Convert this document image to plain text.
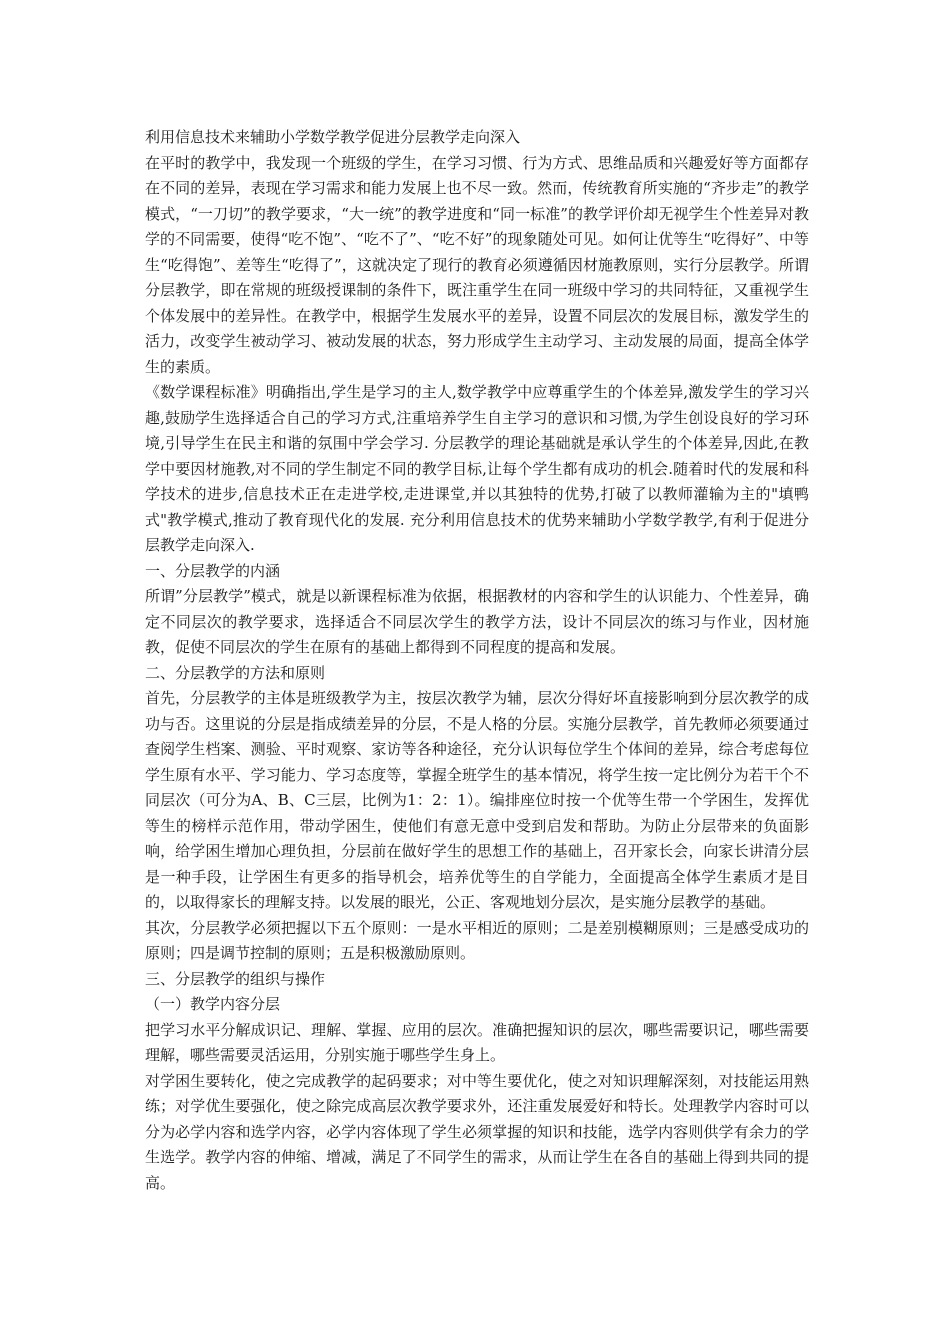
利用信息技术来辅助小学数学教学促进分层教学走向深入

在平时的教学中，我发现一个班级的学生，在学习习惯、行为方式、思维品质和兴趣爱好等方面都存在不同的差异，表现在学习需求和能力发展上也不尽一致。然而，传统教育所实施的“齐步走”的教学模式，“一刀切”的教学要求，“大一统”的教学进度和“同一标准”的教学评价却无视学生个性差异对教学的不同需要，使得“吃不饱”、“吃不了”、“吃不好”的现象随处可见。如何让优等生“吃得好”、中等生“吃得饱”、差等生“吃得了”，这就决定了现行的教育必须遵循因材施教原则，实行分层教学。所谓分层教学，即在常规的班级授课制的条件下，既注重学生在同一班级中学习的共同特征，又重视学生个体发展中的差异性。在教学中，根据学生发展水平的差异，设置不同层次的发展目标，激发学生的活力，改变学生被动学习、被动发展的状态，努力形成学生主动学习、主动发展的局面，提高全体学生的素质。

《数学课程标准》明确指出,学生是学习的主人,数学教学中应尊重学生的个体差异,激发学生的学习兴趣,鼓励学生选择适合自己的学习方式,注重培养学生自主学习的意识和习惯,为学生创设良好的学习环境,引导学生在民主和谐的氛围中学会学习. 分层教学的理论基础就是承认学生的个体差异,因此,在教学中要因材施教,对不同的学生制定不同的教学目标,让每个学生都有成功的机会.随着时代的发展和科学技术的进步,信息技术正在走进学校,走进课堂,并以其独特的优势,打破了以教师灌输为主的"填鸭式"教学模式,推动了教育现代化的发展. 充分利用信息技术的优势来辅助小学数学教学,有利于促进分层教学走向深入.

一、分层教学的内涵

所谓”分层教学”模式，就是以新课程标准为依据，根据教材的内容和学生的认识能力、个性差异，确定不同层次的教学要求，选择适合不同层次学生的教学方法，设计不同层次的练习与作业，因材施教，促使不同层次的学生在原有的基础上都得到不同程度的提高和发展。

二、分层教学的方法和原则

首先，分层教学的主体是班级教学为主，按层次教学为辅，层次分得好坏直接影响到分层次教学的成功与否。这里说的分层是指成绩差异的分层，不是人格的分层。实施分层教学，首先教师必须要通过查阅学生档案、测验、平时观察、家访等各种途径，充分认识每位学生个体间的差异，综合考虑每位学生原有水平、学习能力、学习态度等，掌握全班学生的基本情况，将学生按一定比例分为若干个不同层次（可分为A、B、C三层，比例为1：2：1）。编排座位时按一个优等生带一个学困生，发挥优等生的榜样示范作用，带动学困生，使他们有意无意中受到启发和帮助。为防止分层带来的负面影响，给学困生增加心理负担，分层前在做好学生的思想工作的基础上，召开家长会，向家长讲清分层是一种手段，让学困生有更多的指导机会，培养优等生的自学能力，全面提高全体学生素质才是目的，以取得家长的理解支持。以发展的眼光，公正、客观地划分层次，是实施分层教学的基础。

其次，分层教学必须把握以下五个原则：一是水平相近的原则；二是差别模糊原则；三是感受成功的原则；四是调节控制的原则；五是积极激励原则。

三、分层教学的组织与操作

（一）教学内容分层

把学习水平分解成识记、理解、掌握、应用的层次。准确把握知识的层次，哪些需要识记，哪些需要理解，哪些需要灵活运用，分别实施于哪些学生身上。

对学困生要转化，使之完成教学的起码要求；对中等生要优化，使之对知识理解深刻，对技能运用熟练；对学优生要强化，使之除完成高层次教学要求外，还注重发展爱好和特长。处理教学内容时可以分为必学内容和选学内容，必学内容体现了学生必须掌握的知识和技能，选学内容则供学有余力的学生选学。教学内容的伸缩、增减，满足了不同学生的需求，从而让学生在各自的基础上得到共同的提高。
